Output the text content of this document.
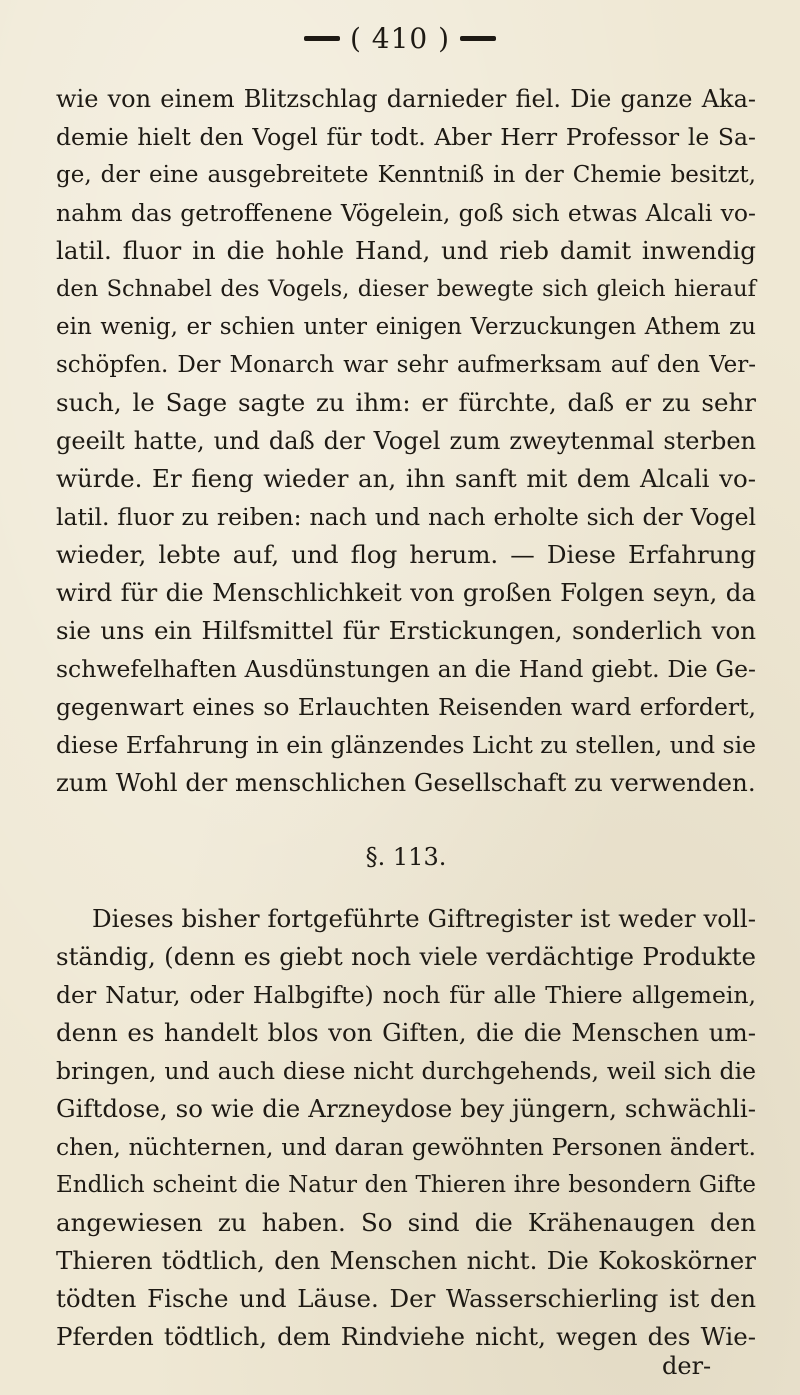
( 410 )
wie von einem Blitzschlag darnieder fiel. Die ganze Aka-
demie hielt den Vogel für todt. Aber Herr Professor le Sa-
ge, der eine ausgebreitete Kenntniß in der Chemie besitzt,
nahm das getroffenene Vögelein, goß sich etwas Alcali vo-
latil. fluor in die hohle Hand, und rieb damit inwendig
den Schnabel des Vogels, dieser bewegte sich gleich hierauf
ein wenig, er schien unter einigen Verzuckungen Athem zu
schöpfen. Der Monarch war sehr aufmerksam auf den Ver-
such, le Sage sagte zu ihm: er fürchte, daß er zu sehr
geeilt hatte, und daß der Vogel zum zweytenmal sterben
würde. Er fieng wieder an, ihn sanft mit dem Alcali vo-
latil. fluor zu reiben: nach und nach erholte sich der Vogel
wieder, lebte auf, und flog herum. — Diese Erfahrung
wird für die Menschlichkeit von großen Folgen seyn, da
sie uns ein Hilfsmittel für Erstickungen, sonderlich von
schwefelhaften Ausdünstungen an die Hand giebt. Die Ge-
gegenwart eines so Erlauchten Reisenden ward erfordert,
diese Erfahrung in ein glänzendes Licht zu stellen, und sie
zum Wohl der menschlichen Gesellschaft zu verwenden.
§. 113.
Dieses bisher fortgeführte Giftregister ist weder voll-
ständig, (denn es giebt noch viele verdächtige Produkte
der Natur, oder Halbgifte) noch für alle Thiere allgemein,
denn es handelt blos von Giften, die die Menschen um-
bringen, und auch diese nicht durchgehends, weil sich die
Giftdose, so wie die Arzneydose bey jüngern, schwächli-
chen, nüchternen, und daran gewöhnten Personen ändert.
Endlich scheint die Natur den Thieren ihre besondern Gifte
angewiesen zu haben. So sind die Krähenaugen den
Thieren tödtlich, den Menschen nicht. Die Kokoskörner
tödten Fische und Läuse. Der Wasserschierling ist den
Pferden tödtlich, dem Rindviehe nicht, wegen des Wie-
der-
